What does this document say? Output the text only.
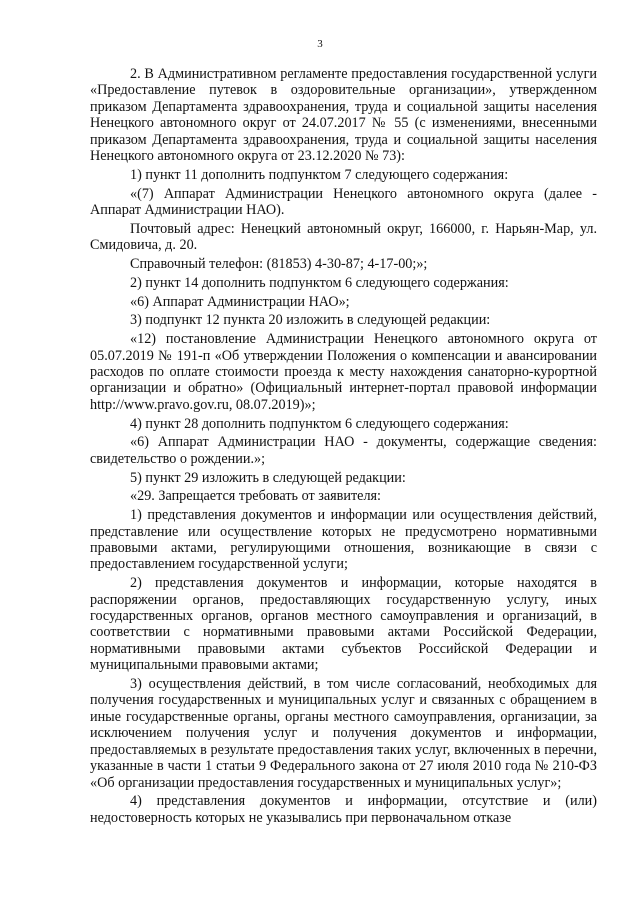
3

2. В Административном регламенте предоставления государственной услуги «Предоставление путевок в оздоровительные организации», утвержденном приказом Департамента здравоохранения, труда и социальной защиты населения Ненецкого автономного округ от 24.07.2017 № 55 (с изменениями, внесенными приказом Департамента здравоохранения, труда и социальной защиты населения Ненецкого автономного округа от 23.12.2020 № 73):

1) пункт 11 дополнить подпунктом 7 следующего содержания:

«(7) Аппарат Администрации Ненецкого автономного округа (далее - Аппарат Администрации НАО).

Почтовый адрес: Ненецкий автономный округ, 166000, г. Нарьян-Мар, ул. Смидовича, д. 20.

Справочный телефон: (81853) 4-30-87; 4-17-00;»;

2) пункт 14 дополнить подпунктом 6 следующего содержания:

«6) Аппарат Администрации НАО»;

3) подпункт 12 пункта 20 изложить в следующей редакции:

«12) постановление Администрации Ненецкого автономного округа от 05.07.2019 № 191-п «Об утверждении Положения о компенсации и авансировании расходов по оплате стоимости проезда к месту нахождения санаторно-курортной организации и обратно» (Официальный интернет-портал правовой информации http://www.pravo.gov.ru, 08.07.2019)»;

4) пункт 28 дополнить подпунктом 6 следующего содержания:

«6) Аппарат Администрации НАО - документы, содержащие сведения: свидетельство о рождении.»;

5) пункт 29 изложить в следующей редакции:

«29. Запрещается требовать от заявителя:

1) представления документов и информации или осуществления действий, представление или осуществление которых не предусмотрено нормативными правовыми актами, регулирующими отношения, возникающие в связи с предоставлением государственной услуги;

2) представления документов и информации, которые находятся в распоряжении органов, предоставляющих государственную услугу, иных государственных органов, органов местного самоуправления и организаций, в соответствии с нормативными правовыми актами Российской Федерации, нормативными правовыми актами субъектов Российской Федерации и муниципальными правовыми актами;

3) осуществления действий, в том числе согласований, необходимых для получения государственных и муниципальных услуг и связанных с обращением в иные государственные органы, органы местного самоуправления, организации, за исключением получения услуг и получения документов и информации, предоставляемых в результате предоставления таких услуг, включенных в перечни, указанные в части 1 статьи 9 Федерального закона от 27 июля 2010 года № 210-ФЗ «Об организации предоставления государственных и муниципальных услуг»;

4) представления документов и информации, отсутствие и (или) недостоверность которых не указывались при первоначальном отказе
